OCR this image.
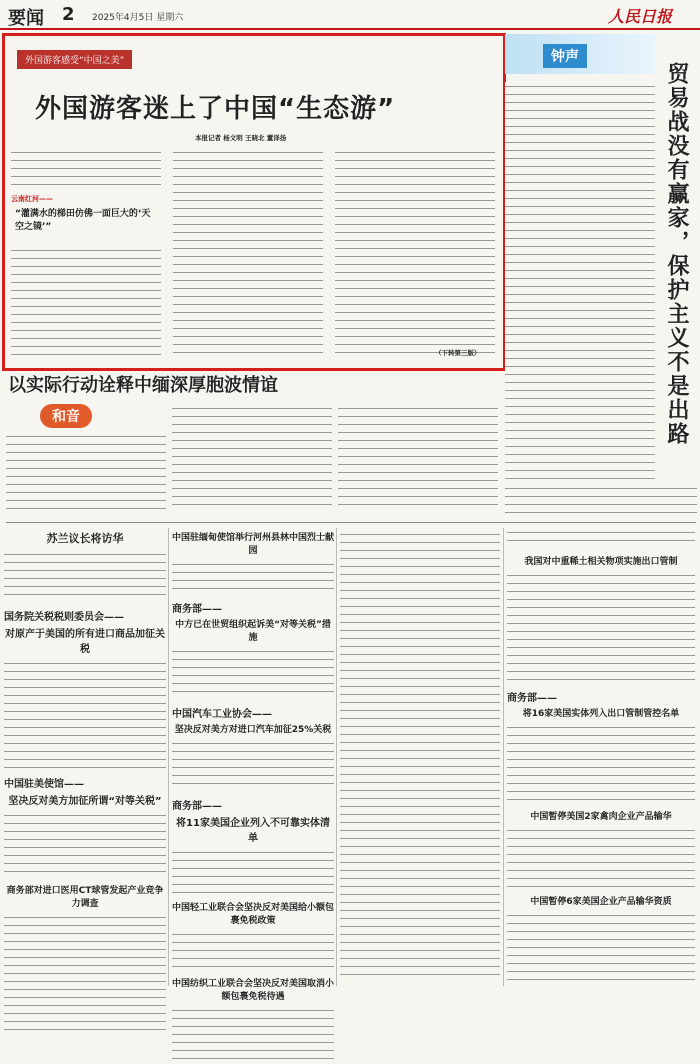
要闻 2 2025年4月5日 星期六	人民日报
外国游客感受“中国之美”
外国游客迷上了中国“生态游”
本报记者 杨文明 王晓北 董泽扬
云南红河——
“灌满水的梯田仿佛一面巨大的‘天空之镜’”
（下转第三版）
钟声
贸易战没有赢家，保护主义不是出路
以实际行动诠释中缅深厚胞波情谊
和音
苏兰议长将访华
国务院关税税则委员会——
对原产于美国的所有进口商品加征关税
中国驻美使馆——
坚决反对美方加征所谓“对等关税”
商务部对进口医用CT球管发起产业竞争力调查
中国驻缅甸使馆举行河州县林中国烈士献园
商务部——
中方已在世贸组织起诉美“对等关税”措施
中国汽车工业协会——
坚决反对美方对进口汽车加征25%关税
商务部——
将11家美国企业列入不可靠实体清单
中国轻工业联合会坚决反对美国给小额包裹免税政策
中国纺织工业联合会坚决反对美国取消小额包裹免税待遇
我国对中重稀土相关物项实施出口管制
商务部——
将16家美国实体列入出口管制管控名单
中国暂停美国2家禽肉企业产品输华
中国暂停6家美国企业产品输华资质
